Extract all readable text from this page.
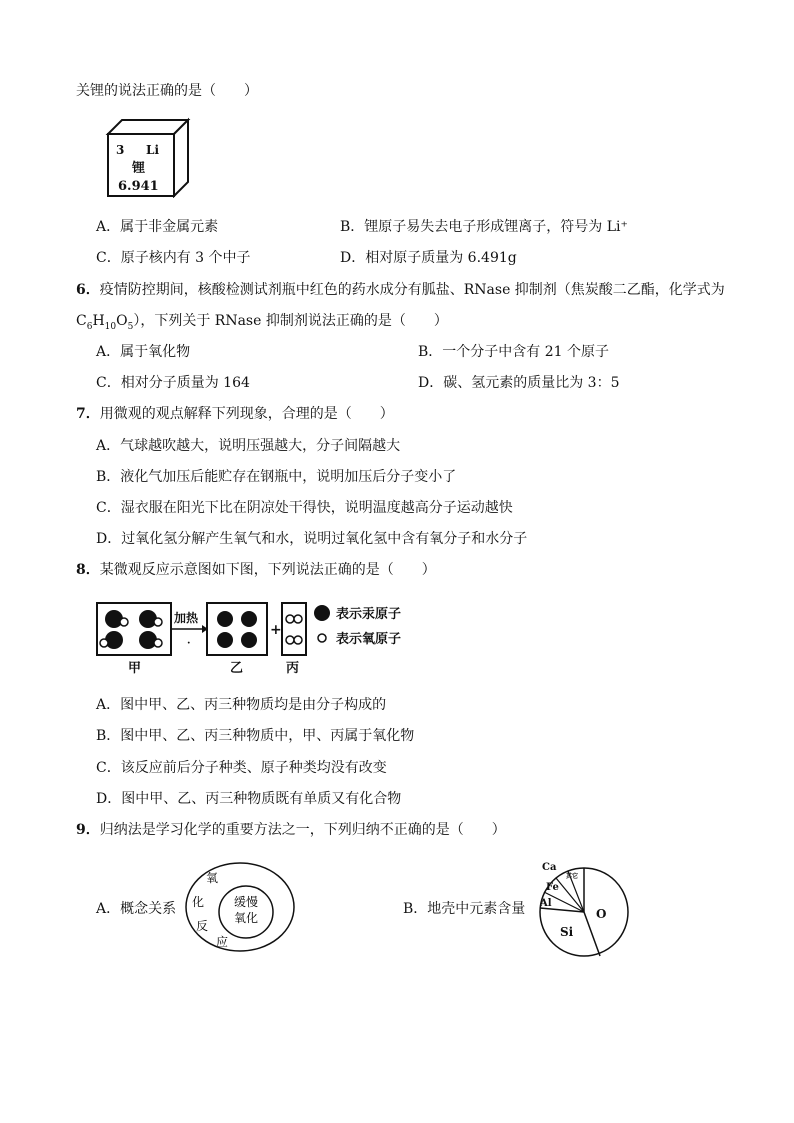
关锂的说法正确的是（　　）
3 Li
锂
6.941
A．属于非金属元素	B．锂原子易失去电子形成锂离子，符号为 Li⁺
C．原子核内有 3 个中子	D．相对原子质量为 6.491g
6．疫情防控期间，核酸检测试剂瓶中红色的药水成分有胍盐、RNase 抑制剂（焦炭酸二乙酯，化学式为
$C_6H_{10}O_5$），下列关于 RNase 抑制剂说法正确的是（　　）
A．属于氧化物	B．一个分子中含有 21 个原子
C．相对分子质量为 164	D．碳、氢元素的质量比为 3：5
7．用微观的观点解释下列现象，合理的是（　　）
A．气球越吹越大，说明压强越大，分子间隔越大
B．液化气加压后能贮存在钢瓶中，说明加压后分子变小了
C．湿衣服在阳光下比在阴凉处干得快，说明温度越高分子运动越快
D．过氧化氢分解产生氧气和水，说明过氧化氢中含有氧分子和水分子
8．某微观反应示意图如下图，下列说法正确的是（　　）
加热
·
+
表示汞原子
表示氧原子
甲	乙	丙
A．图中甲、乙、丙三种物质均是由分子构成的
B．图中甲、乙、丙三种物质中，甲、丙属于氧化物
C．该反应前后分子种类、原子种类均没有改变
D．图中甲、乙、丙三种物质既有单质又有化合物
9．归纳法是学习化学的重要方法之一，下列归纳不正确的是（　　）
A．概念关系
氧
化
反
应
缓慢
氧化
B．地壳中元素含量	O
Si
Al
Fe
Ca
其它
